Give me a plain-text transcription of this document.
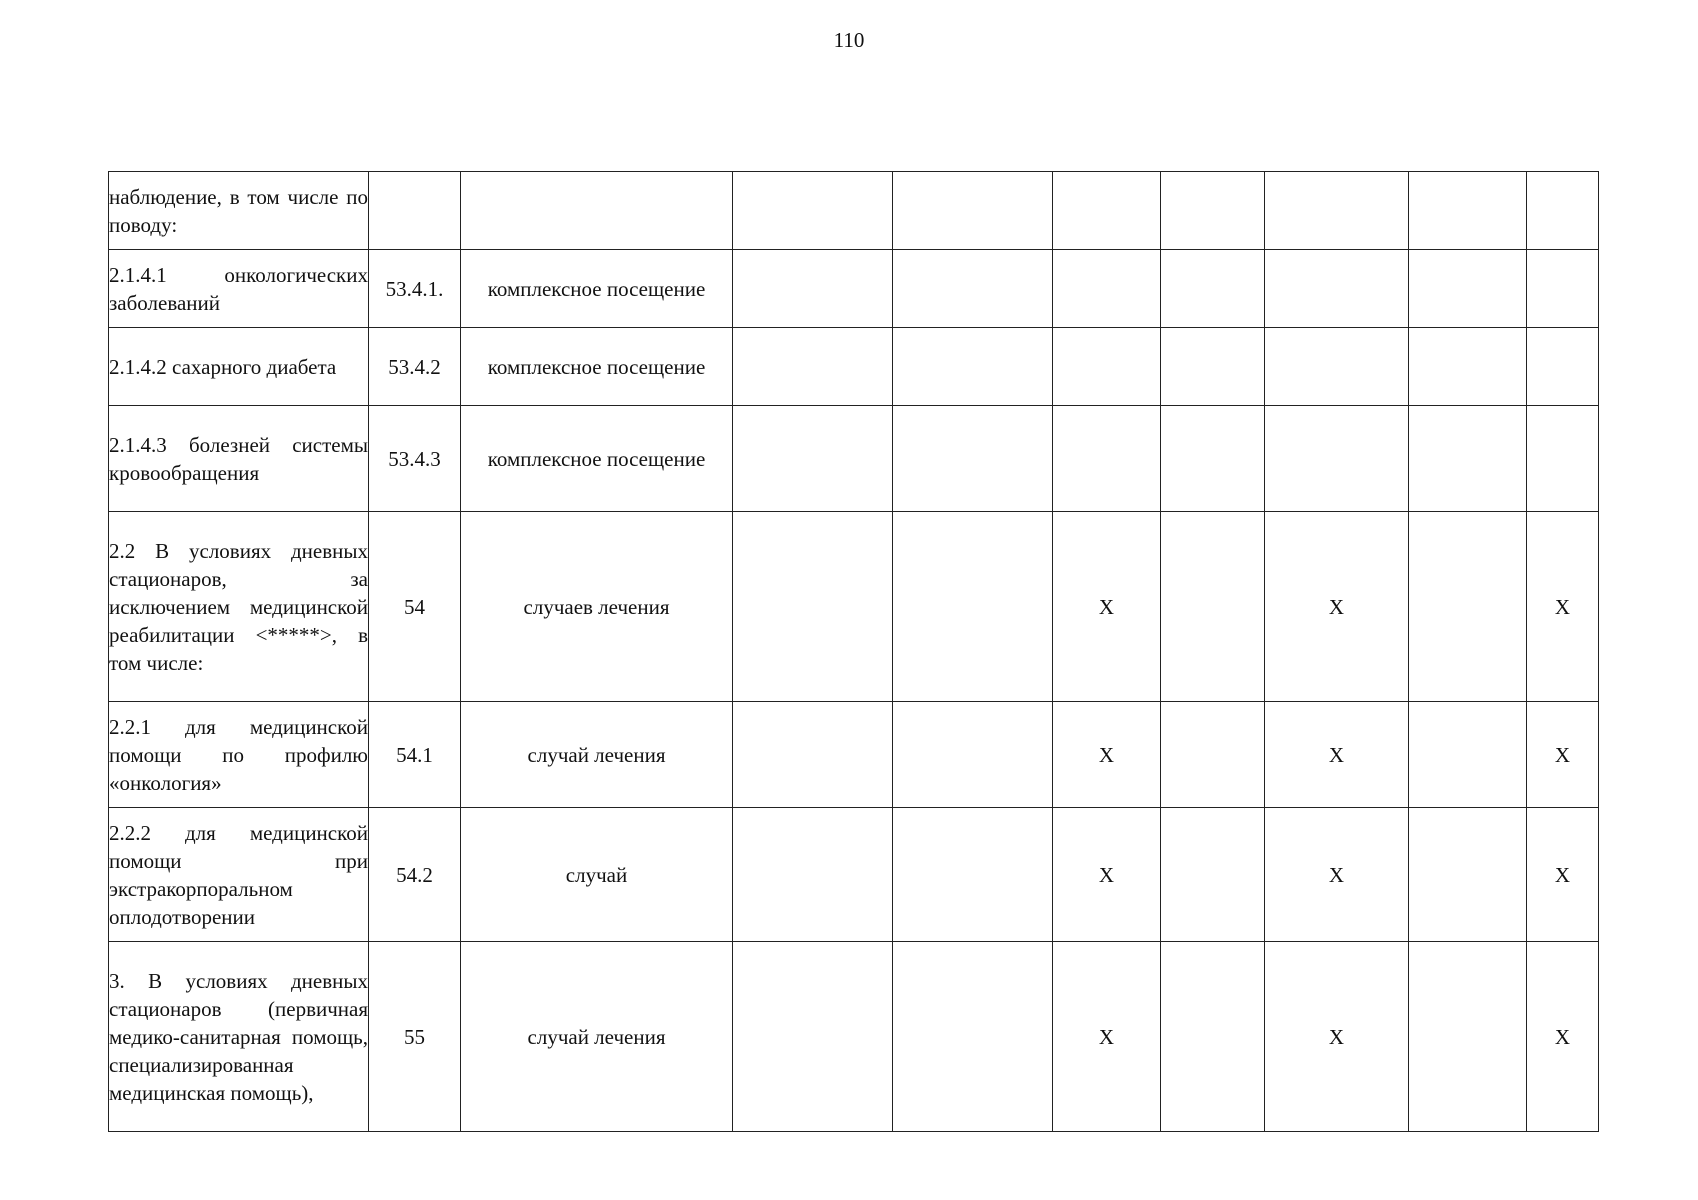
110
наблюдение, в том числе по поводу:									
2.1.4.1 онкологических заболеваний	53.4.1.	комплексное посещение							
2.1.4.2 сахарного диабета	53.4.2	комплексное посещение							
2.1.4.3 болезней системы кровообращения	53.4.3	комплексное посещение							
2.2 В условиях дневных стационаров, за исключением медицинской реабилитации <*****>, в том числе:	54	случаев лечения			X		X		X
2.2.1 для медицинской помощи по профилю «онкология»	54.1	случай лечения			X		X		X
2.2.2 для медицинской помощи при экстракорпоральном оплодотворении	54.2	случай			X		X		X
3. В условиях дневных стационаров (первичная медико-санитарная помощь, специализированная медицинская помощь),	55	случай лечения			X		X		X
